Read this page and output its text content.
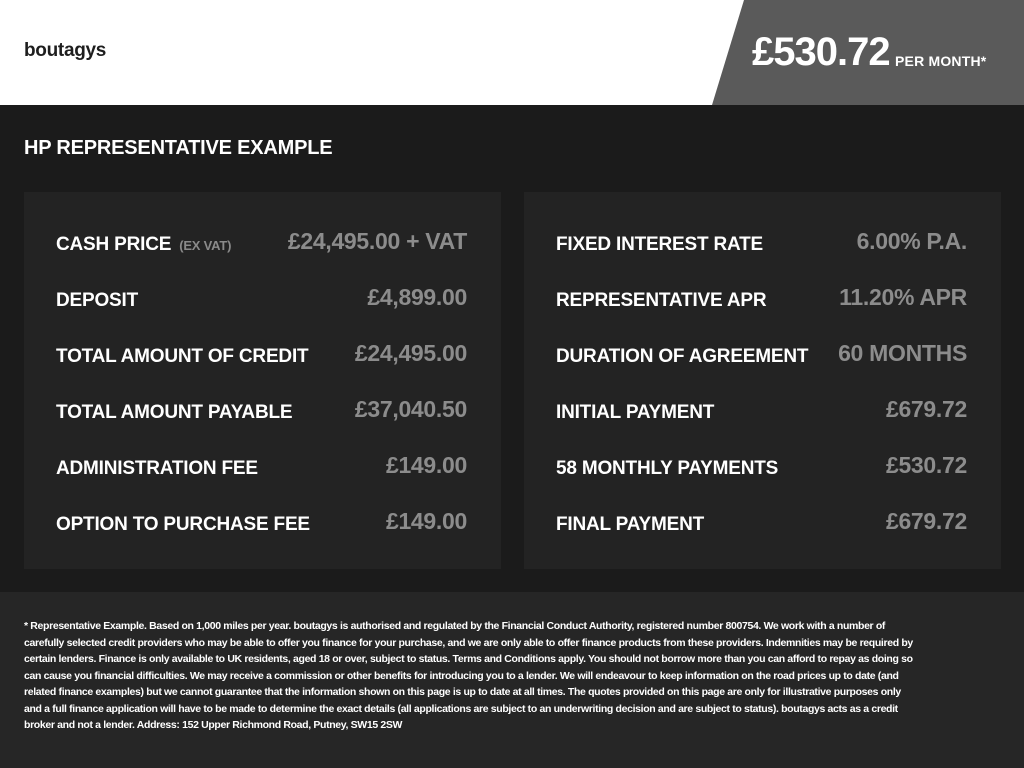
boutagys	£530.72 PER MONTH*
HP REPRESENTATIVE EXAMPLE
CASH PRICE (EX VAT) £24,495.00 + VAT
DEPOSIT	£4,899.00
TOTAL AMOUNT OF CREDIT £24,495.00
TOTAL AMOUNT PAYABLE	£37,040.50
ADMINISTRATION FEE	£149.00
OPTION TO PURCHASE FEE	£149.00
FIXED INTEREST RATE	6.00% P.A.
REPRESENTATIVE APR	11.20% APR
DURATION OF AGREEMENT 60 MONTHS
INITIAL PAYMENT	£679.72
58 MONTHLY PAYMENTS	£530.72
FINAL PAYMENT	£679.72

* Representative Example. Based on 1,000 miles per year. boutagys is authorised and regulated by the Financial Conduct Authority, registered number 800754. We work with a number of carefully selected credit providers who may be able to offer you finance for your purchase, and we are only able to offer finance products from these providers. Indemnities may be required by certain lenders. Finance is only available to UK residents, aged 18 or over, subject to status. Terms and Conditions apply. You should not borrow more than you can afford to repay as doing so can cause you financial difficulties. We may receive a commission or other benefits for introducing you to a lender. We will endeavour to keep information on the road prices up to date (and related finance examples) but we cannot guarantee that the information shown on this page is up to date at all times. The quotes provided on this page are only for illustrative purposes only and a full finance application will have to be made to determine the exact details (all applications are subject to an underwriting decision and are subject to status). boutagys acts as a credit broker and not a lender. Address: 152 Upper Richmond Road, Putney, SW15 2SW
